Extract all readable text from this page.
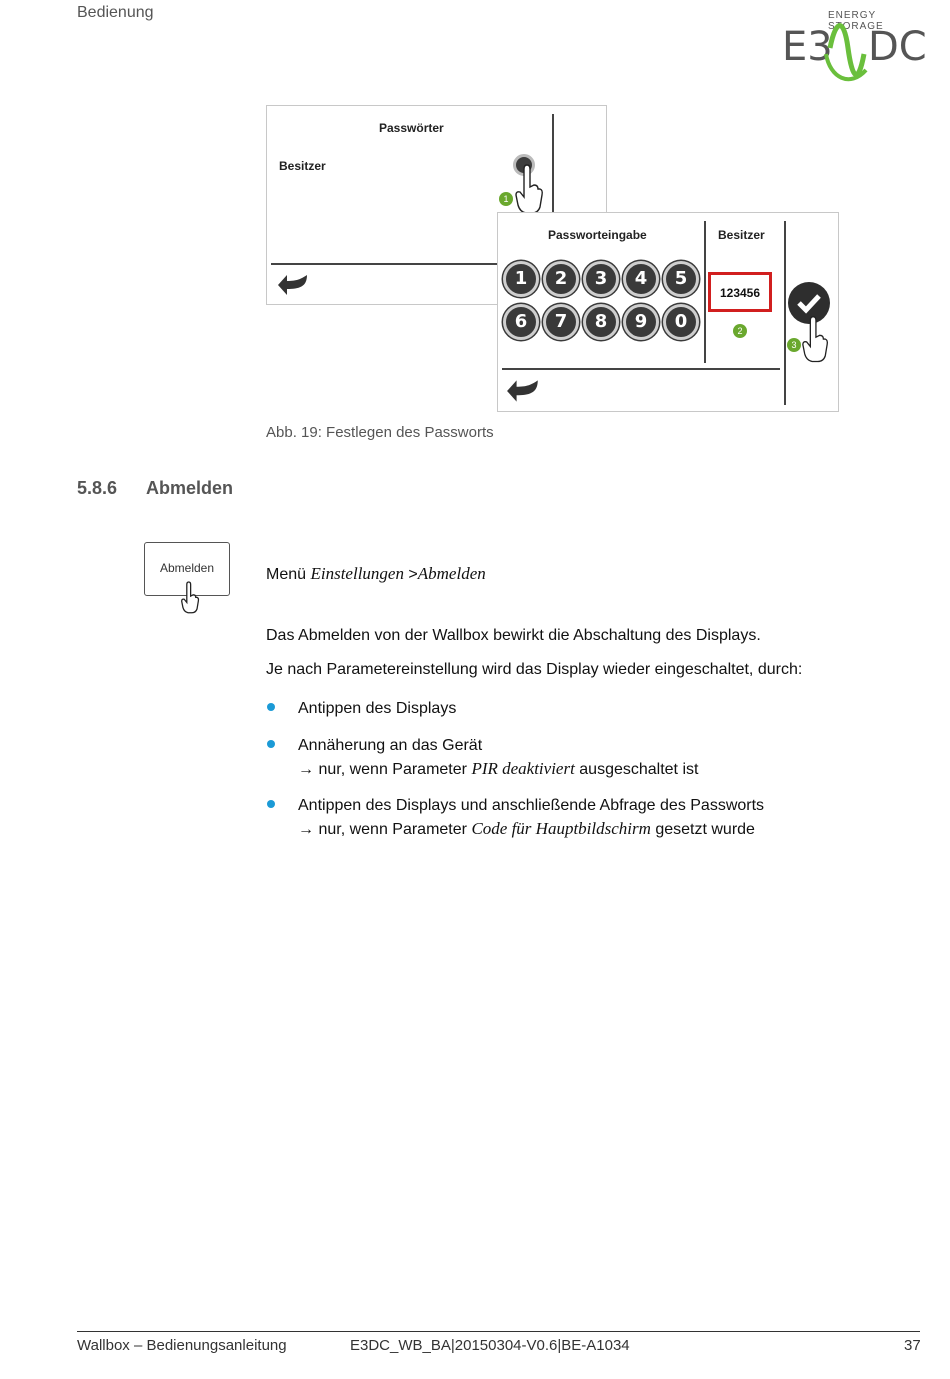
Bedienung	ENERGY STORAGE
E3 DC
Passwörter
Besitzer
1
Passworteingabe	Besitzer
1	2	3	4	5
6	7	8	9	0
123456
2
3
Abb. 19: Festlegen des Passworts
5.8.6 Abmelden
Abmelden	Menü Einstellungen >Abmelden
Das Abmelden von der Wallbox bewirkt die Abschaltung des Displays.
Je nach Parametereinstellung wird das Display wieder eingeschaltet, durch:
Antippen des Displays
Annäherung an das Gerät
→ nur, wenn Parameter PIR deaktiviert ausgeschaltet ist
Antippen des Displays und anschließende Abfrage des Passworts
→ nur, wenn Parameter Code für Hauptbildschirm gesetzt wurde
Wallbox – Bedienungsanleitung	E3DC_WB_BA|20150304-V0.6|BE-A1034	37
